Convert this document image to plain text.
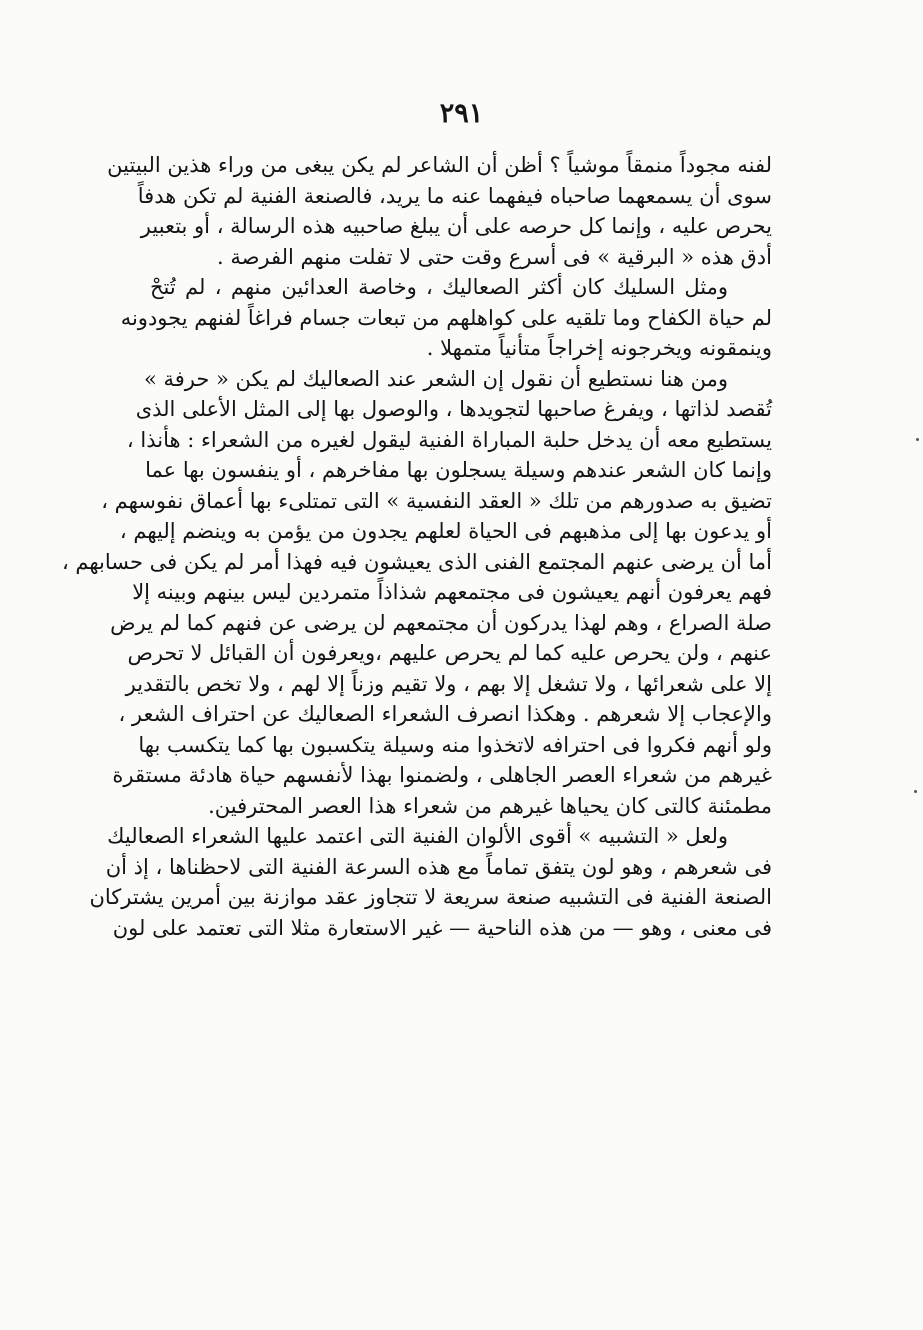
٢٩١
لفنه مجوداً منمقاً موشياً ؟ أظن أن الشاعر لم يكن يبغى من وراء هذين البيتين
سوى أن يسمعهما صاحباه فيفهما عنه ما يريد، فالصنعة الفنية لم تكن هدفاً
يحرص عليه ، وإنما كل حرصه على أن يبلغ صاحبيه هذه الرسالة ، أو بتعبير
أدق هذه « البرقية » فى أسرع وقت حتى لا تفلت منهم الفرصة .
ومثل السليك كان أكثر الصعاليك ، وخاصة العدائين منهم ، لم تُتحْ
لم حياة الكفاح وما تلقيه على كواهلهم من تبعات جسام فراغاً لفنهم يجودونه
وينمقونه ويخرجونه إخراجاً متأنياً متمهلا .
ومن هنا نستطيع أن نقول إن الشعر عند الصعاليك لم يكن « حرفة »
تُقصد لذاتها ، ويفرغ صاحبها لتجويدها ، والوصول بها إلى المثل الأعلى الذى
يستطيع معه أن يدخل حلبة المباراة الفنية ليقول لغيره من الشعراء : هأنذا ،
وإنما كان الشعر عندهم وسيلة يسجلون بها مفاخرهم ، أو ينفسون بها عما
تضيق به صدورهم من تلك « العقد النفسية » التى تمتلىء بها أعماق نفوسهم ،
أو يدعون بها إلى مذهبهم فى الحياة لعلهم يجدون من يؤمن به وينضم إليهم ،
أما أن يرضى عنهم المجتمع الفنى الذى يعيشون فيه فهذا أمر لم يكن فى حسابهم ،
فهم يعرفون أنهم يعيشون فى مجتمعهم شذاذاً متمردين ليس بينهم وبينه إلا
صلة الصراع ، وهم لهذا يدركون أن مجتمعهم لن يرضى عن فنهم كما لم يرض
عنهم ، ولن يحرص عليه كما لم يحرص عليهم ،ويعرفون أن القبائل لا تحرص
إلا على شعرائها ، ولا تشغل إلا بهم ، ولا تقيم وزناً إلا لهم ، ولا تخص بالتقدير
والإعجاب إلا شعرهم . وهكذا انصرف الشعراء الصعاليك عن احتراف الشعر ،
ولو أنهم فكروا فى احترافه لاتخذوا منه وسيلة يتكسبون بها كما يتكسب بها
غيرهم من شعراء العصر الجاهلى ، ولضمنوا بهذا لأنفسهم حياة هادئة مستقرة
مطمئنة كالتى كان يحياها غيرهم من شعراء هذا العصر المحترفين.
ولعل « التشبيه » أقوى الألوان الفنية التى اعتمد عليها الشعراء الصعاليك
فى شعرهم ، وهو لون يتفق تماماً مع هذه السرعة الفنية التى لاحظناها ، إذ أن
الصنعة الفنية فى التشبيه صنعة سريعة لا تتجاوز عقد موازنة بين أمرين يشتركان
فى معنى ، وهو — من هذه الناحية — غير الاستعارة مثلا التى تعتمد على لون
